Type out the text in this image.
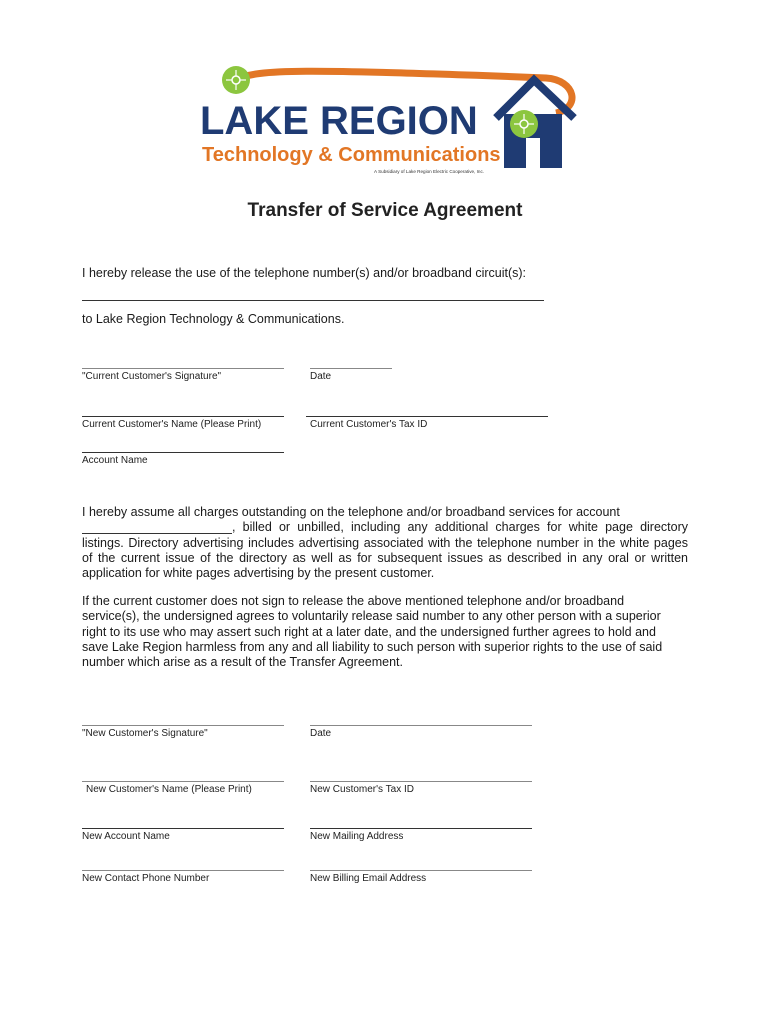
LAKE REGION
Technology & Communications
A Subsidiary of Lake Region Electric Cooperative, Inc.
Transfer of Service Agreement
I hereby release the use of the telephone number(s) and/or broadband circuit(s):
to Lake Region Technology & Communications.
"Current Customer's Signature"	Date
Current Customer's Name (Please Print)	Current Customer's Tax ID
Account Name
I hereby assume all charges outstanding on the telephone and/or broadband services for account
, billed or unbilled, including any additional charges for white page directory
listings. Directory advertising includes advertising associated with the telephone number in the white pages
of the current issue of the directory as well as for subsequent issues as described in any oral or written
application for white pages advertising by the present customer.
If the current customer does not sign to release the above mentioned telephone and/or broadband
service(s), the undersigned agrees to voluntarily release said number to any other person with a superior
right to its use who may assert such right at a later date, and the undersigned further agrees to hold and
save Lake Region harmless from any and all liability to such person with superior rights to the use of said
number which arise as a result of the Transfer Agreement.
"New Customer's Signature"	Date
New Customer's Name (Please Print)	New Customer's Tax ID
New Account Name	New Mailing Address
New Contact Phone Number	New Billing Email Address
